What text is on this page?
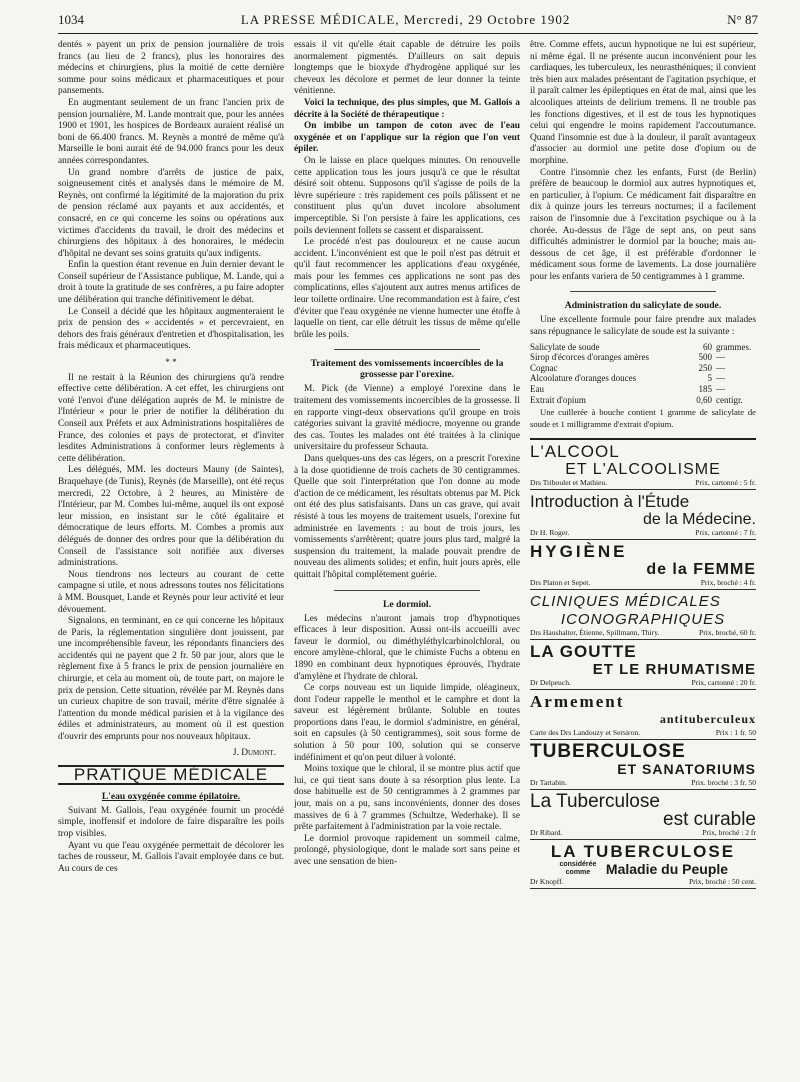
1034	LA PRESSE MÉDICALE, Mercredi, 29 Octobre 1902	N° 87

dentés » payent un prix de pension journalière de trois francs (au lieu de 2 francs), plus les honoraires des médecins et chirurgiens, plus la moitié de cette dernière somme pour soins médicaux et pharmaceutiques et pour pansements.

En augmentant seulement de un franc l'ancien prix de pension journalière, M. Lande montrait que, pour les années 1900 et 1901, les hospices de Bordeaux auraient réalisé un boni de 66.400 francs. M. Reynès a montré de même qu'à Marseille le boni aurait été de 94.000 francs pour les deux années correspondantes.

Un grand nombre d'arrêts de justice de paix, soigneusement cités et analysés dans le mémoire de M. Reynès, ont confirmé la légitimité de la majoration du prix de pension réclamé aux payants et aux accidentés, et consacré, en ce qui concerne les soins ou opérations aux victimes d'accidents du travail, le droit des médecins et chirurgiens des hôpitaux à des honoraires, le médecin d'hôpital ne devant ses soins gratuits qu'aux indigents.

Enfin la question étant revenue en Juin dernier devant le Conseil supérieur de l'Assistance publique, M. Lande, qui a droit à toute la gratitude de ses confrères, a pu faire adopter une délibération qui tranche définitivement le débat.

Le Conseil a décidé que les hôpitaux augmenteraient le prix de pension des « accidentés » et percevraient, en dehors des frais généraux d'entretien et d'hospitalisation, les frais médicaux et pharmaceutiques.

* *

Il ne restait à la Réunion des chirurgiens qu'à rendre effective cette délibération. A cet effet, les chirurgiens ont voté l'envoi d'une délégation auprès de M. le ministre de l'Intérieur « pour le prier de notifier la délibération du Conseil aux Préfets et aux Administrations hospitalières de France, des colonies et pays de protectorat, et d'inviter lesdites Administrations à conformer leurs règlements à cette délibération.

Les délégués, MM. les docteurs Mauny (de Saintes), Braquehaye (de Tunis), Reynès (de Marseille), ont été reçus mercredi, 22 Octobre, à 2 heures, au Ministère de l'Intérieur, par M. Combes lui-même, auquel ils ont exposé leur mission, en insistant sur le côté égalitaire et démocratique de leurs efforts. M. Combes a promis aux délégués de donner des ordres pour que la délibération du Conseil de l'assistance soit notifiée aux diverses administrations.

Nous tiendrons nos lecteurs au courant de cette campagne si utile, et nous adressons toutes nos félicitations à MM. Bousquet, Lande et Reynès pour leur activité et leur dévouement.

Signalons, en terminant, en ce qui concerne les hôpitaux de Paris, la réglementation singulière dont jouissent, par une incompréhensible faveur, les répondants financiers des accidentés qui ne payent que 2 fr. 50 par jour, alors que le règlement fixe à 5 francs le prix de pension journalière en chirurgie, et cela au moment où, de toute part, on majore le prix de pension. Cette situation, révélée par M. Reynès dans un curieux chapitre de son travail, mérite d'être signalée à l'attention du monde médical parisien et à la vigilance des édiles et administrateurs, au moment où il est question d'ouvrir des emprunts pour nos nouveaux hôpitaux.

J. Dumont.
PRATIQUE MÉDICALE
L'eau oxygénée comme épilatoire.

Suivant M. Gallois, l'eau oxygénée fournit un procédé simple, inoffensif et indolore de faire disparaître les poils trop visibles.

Ayant vu que l'eau oxygénée permettait de décolorer les taches de rousseur, M. Gallois l'avait employée dans ce but. Au cours de ces

essais il vit qu'elle était capable de détruire les poils anormalement pigmentés. D'ailleurs on sait depuis longtemps que le bioxyde d'hydrogène appliqué sur les cheveux les décolore et permet de leur donner la teinte vénitienne.

Voici la technique, des plus simples, que M. Gallois a décrite à la Société de thérapeutique :

On imbibe un tampon de coton avec de l'eau oxygénée et on l'applique sur la région que l'on veut épiler.

On le laisse en place quelques minutes. On renouvelle cette application tous les jours jusqu'à ce que le résultat désiré soit obtenu. Supposons qu'il s'agisse de poils de la lèvre supérieure : très rapidement ces poils pâlissent et ne constituent plus qu'un duvet incolore absolument imperceptible. Si l'on persiste à faire les applications, ces poils deviennent follets se cassent et disparaissent.

Le procédé n'est pas douloureux et ne cause aucun accident. L'inconvénient est que le poil n'est pas détruit et qu'il faut recommencer les applications d'eau oxygénée, mais pour les femmes ces applications ne sont pas des complications, elles s'ajoutent aux autres menus artifices de leur toilette ordinaire. Une recommandation est à faire, c'est d'éviter que l'eau oxygénée ne vienne humecter une étoffe à laquelle on tient, car elle détruit les tissus de même qu'elle brûle les poils.

Traitement des vomissements incoercibles de la grossesse par l'orexine.

M. Pick (de Vienne) a employé l'orexine dans le traitement des vomissements incoercibles de la grossesse. Il en rapporte vingt-deux observations qu'il groupe en trois catégories suivant la gravité médiocre, moyenne ou grande des cas. Toutes les malades ont été traitées à la clinique universitaire du professeur Schauta.

Dans quelques-uns des cas légers, on a prescrit l'orexine à la dose quotidienne de trois cachets de 30 centigrammes. Quelle que soit l'interprétation que l'on donne au mode d'action de ce médicament, les résultats obtenus par M. Pick ont été des plus satisfaisants. Dans un cas grave, qui avait résisté à tous les moyens de traitement usuels, l'orexine fut administrée en lavements : au bout de trois jours, les vomissements s'arrêtèrent; quatre jours plus tard, malgré la suspension du traitement, la malade pouvait prendre de nouveau des aliments solides; et enfin, huit jours après, elle quittait l'hôpital complètement guérie.

Le dormiol.

Les médecins n'auront jamais trop d'hypnotiques efficaces à leur disposition. Aussi ont-ils accueilli avec faveur le dormiol, ou diméthyléthylcarbinolchloral, ou encore amylène-chloral, que le chimiste Fuchs a obtenu en 1890 en combinant deux hypnotiques éprouvés, l'hydrate d'amylène et l'hydrate de chloral.

Ce corps nouveau est un liquide limpide, oléagineux, dont l'odeur rappelle le menthol et le camphre et dont la saveur est légèrement brûlante. Soluble en toutes proportions dans l'eau, le dormiol s'administre, en général, soit en capsules (à 50 centigrammes), soit sous forme de solution à 50 pour 100, solution qui se conserve indéfiniment et qu'on peut diluer à volonté.

Moins toxique que le chloral, il se montre plus actif que lui, ce qui tient sans doute à sa résorption plus lente. La dose habituelle est de 50 centigrammes à 2 grammes par jour, mais on a pu, sans inconvénients, donner des doses massives de 6 à 7 grammes (Schultze, Wederhake). Il se prête parfaitement à l'administration par la voie rectale.

Le dormiol provoque rapidement un sommeil calme, prolongé, physiologique, dont le malade sort sans peine et avec une sensation de bien-

être. Comme effets, aucun hypnotique ne lui est supérieur, ni même égal. Il ne présente aucun inconvénient pour les cardiaques, les tuberculeux, les neurasthéniques; il convient très bien aux malades présentant de l'agitation psychique, et il paraît calmer les épileptiques en état de mal, ainsi que les alcooliques atteints de delirium tremens. Il ne trouble pas les fonctions digestives, et il est de tous les hypnotiques celui qui engendre le moins rapidement l'accoutumance. Quand l'insomnie est due à la douleur, il paraît avantageux d'associer au dormiol une petite dose d'opium ou de morphine.

Contre l'insomnie chez les enfants, Furst (de Berlin) préfère de beaucoup le dormiol aux autres hypnotiques et, en particulier, à l'opium. Ce médicament fait disparaître en dix à quinze jours les terreurs nocturnes; il a facilement raison de l'insomnie due à l'excitation psychique ou à la chorée. Au-dessus de l'âge de sept ans, on peut sans difficultés administrer le dormiol par la bouche; mais au-dessous de cet âge, il est préférable d'ordonner le médicament sous forme de lavements. La dose journalière pour les enfants variera de 50 centigrammes à 1 gramme.

Administration du salicylate de soude.

Une excellente formule pour faire prendre aux malades sans répugnance le salicylate de soude est la suivante :

Salicylate de soude	60	grammes.
Sirop d'écorces d'oranges amères	500	—
Cognac	250	—
Alcoolature d'oranges douces	5	—
Eau	185	—
Extrait d'opium	0,60	centigr.

Une cuillerée à bouche contient 1 gramme de salicylate de soude et 1 milligramme d'extrait d'opium.

L'ALCOOL
ET L'ALCOOLISME
Drs Triboulet et Mathieu.	Prix, cartonné : 5 fr.
Introduction à l'Étude
de la Médecine.
Dr H. Roger.	Prix, cartonné : 7 fr.
HYGIÈNE
de la FEMME
Drs Platon et Sepet.	Prix, broché : 4 fr.
CLINIQUES MÉDICALES
ICONOGRAPHIQUES
Drs Haushalter, Étienne, Spillmann, Thiry.	Prix, broché, 60 fr.
LA GOUTTE
ET LE RHUMATISME
Dr Delpeuch.	Prix, cartonné : 20 fr.
Armement
antituberculeux
Carte des Drs Landouzy et Sersiron.	Prix : 1 fr. 50
TUBERCULOSE
ET SANATORIUMS
Dr Tartabin.	Prix. broché : 3 fr. 50
La Tuberculose
est curable
Dr Ribard.	Prix, broché : 2 fr
LA TUBERCULOSE
considérée comme	Maladie du Peuple
Dr Knopff.	Prix, broché : 50 cent.
